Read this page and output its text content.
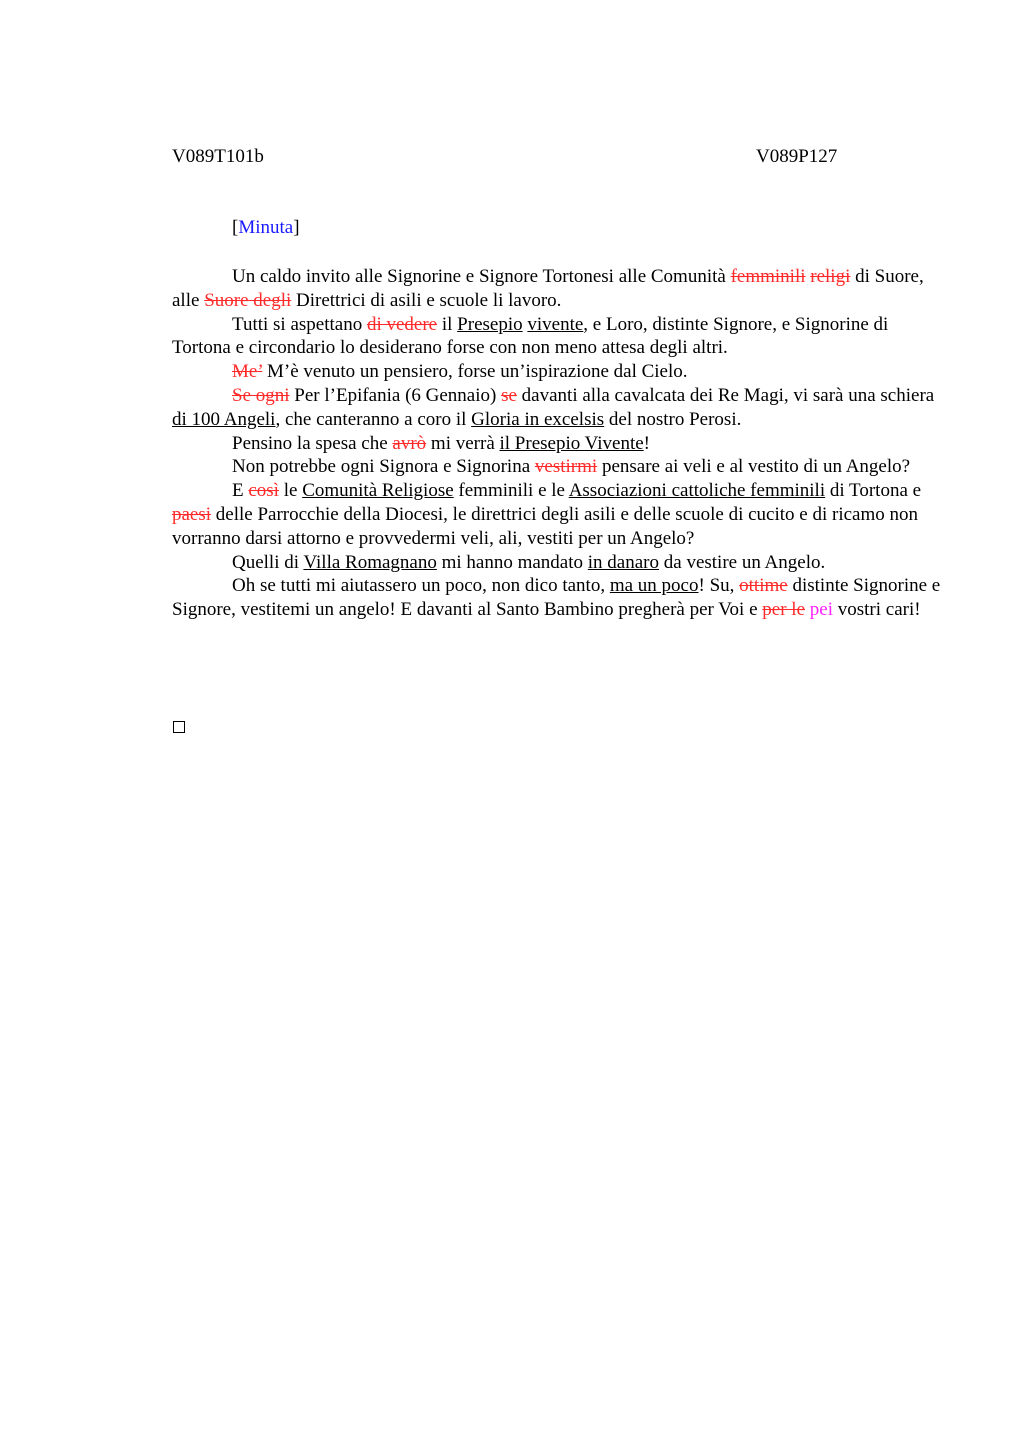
V089T101b	V089P127
[Minuta]

Un caldo invito alle Signorine e Signore Tortonesi alle Comunità femminili religi di Suore, alle Suore degli Direttrici di asili e scuole li lavoro.

Tutti si aspettano di vedere il Presepio vivente, e Loro, distinte Signore, e Signorine di Tortona e circondario lo desiderano forse con non meno attesa degli altri.

Me’ M’è venuto un pensiero, forse un’ispirazione dal Cielo.

Se ogni Per l’Epifania (6 Gennaio) se davanti alla cavalcata dei Re Magi, vi sarà una schiera di 100 Angeli, che canteranno a coro il Gloria in excelsis del nostro Perosi.

Pensino la spesa che avrò mi verrà il Presepio Vivente!

Non potrebbe ogni Signora e Signorina vestirmi pensare ai veli e al vestito di un Angelo?

E così le Comunità Religiose femminili e le Associazioni cattoliche femminili di Tortona e paesi delle Parrocchie della Diocesi, le direttrici degli asili e delle scuole di cucito e di ricamo non vorranno darsi attorno e provvedermi veli, ali, vestiti per un Angelo?

Quelli di Villa Romagnano mi hanno mandato in danaro da vestire un Angelo.

Oh se tutti mi aiutassero un poco, non dico tanto, ma un poco! Su, ottime distinte Signorine e Signore, vestitemi un angelo! E davanti al Santo Bambino pregherà per Voi e per le pei vostri cari!
